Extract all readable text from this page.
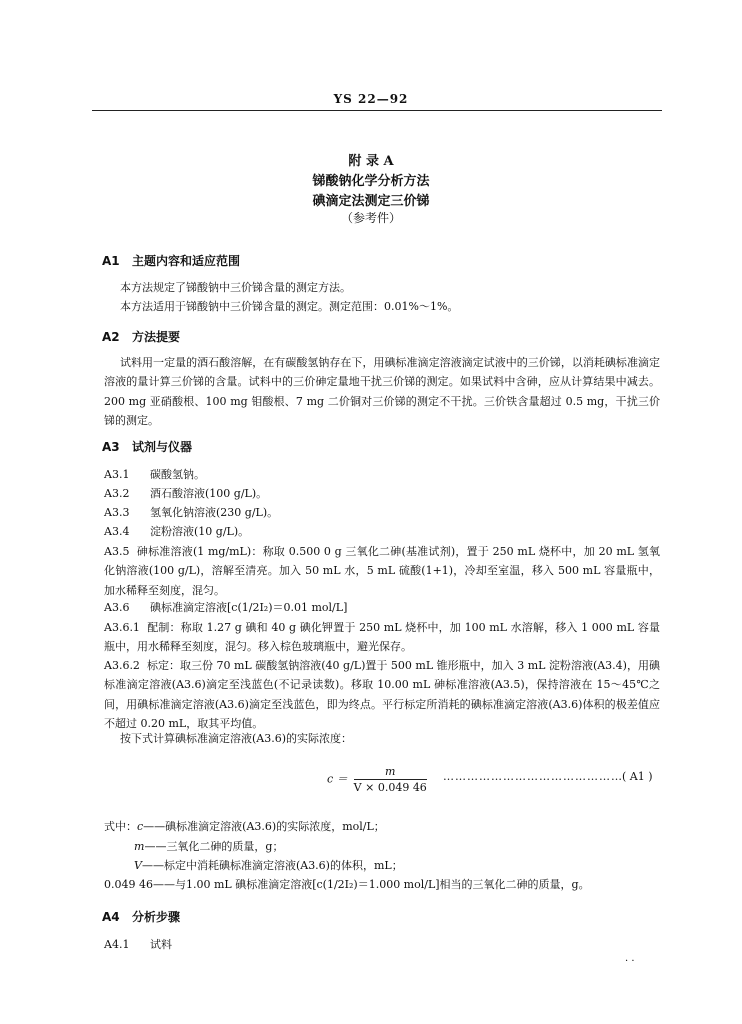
YS 22—92
附 录 A
锑酸钠化学分析方法
碘滴定法测定三价锑
（参考件）
A1 主题内容和适应范围
本方法规定了锑酸钠中三价锑含量的测定方法。
本方法适用于锑酸钠中三价锑含量的测定。测定范围：0.01%～1%。
A2 方法提要
试料用一定量的酒石酸溶解，在有碳酸氢钠存在下，用碘标准滴定溶液滴定试液中的三价锑，以消耗碘标准滴定溶液的量计算三价锑的含量。试料中的三价砷定量地干扰三价锑的测定。如果试料中含砷，应从计算结果中减去。200 mg 亚硝酸根、100 mg 钼酸根、7 mg 二价铜对三价锑的测定不干扰。三价铁含量超过 0.5 mg，干扰三价锑的测定。
A3 试剂与仪器
A3.1 碳酸氢钠。
A3.2 酒石酸溶液(100 g/L)。
A3.3 氢氧化钠溶液(230 g/L)。
A3.4 淀粉溶液(10 g/L)。
A3.5 砷标准溶液(1 mg/mL)：称取 0.500 0 g 三氧化二砷(基准试剂)，置于 250 mL 烧杯中，加 20 mL 氢氧化钠溶液(100 g/L)，溶解至清亮。加入 50 mL 水，5 mL 硫酸(1+1)，冷却至室温，移入 500 mL 容量瓶中，加水稀释至刻度，混匀。
A3.6 碘标准滴定溶液[c(1/2I₂)＝0.01 mol/L]
A3.6.1 配制：称取 1.27 g 碘和 40 g 碘化钾置于 250 mL 烧杯中，加 100 mL 水溶解，移入 1 000 mL 容量瓶中，用水稀释至刻度，混匀。移入棕色玻璃瓶中，避光保存。
A3.6.2 标定：取三份 70 mL 碳酸氢钠溶液(40 g/L)置于 500 mL 锥形瓶中，加入 3 mL 淀粉溶液(A3.4)，用碘标准滴定溶液(A3.6)滴定至浅蓝色(不记录读数)。移取 10.00 mL 砷标准溶液(A3.5)，保持溶液在 15～45℃之间，用碘标准滴定溶液(A3.6)滴定至浅蓝色，即为终点。平行标定所消耗的碘标准滴定溶液(A3.6)体积的极差值应不超过 0.20 mL，取其平均值。
按下式计算碘标准滴定溶液(A3.6)的实际浓度：
$c = \frac{m}{V \times 0.049 46}$ ……………………………………… ( A1 )
式中：c——碘标准滴定溶液(A3.6)的实际浓度，mol/L；
m——三氧化二砷的质量，g；
V——标定中消耗碘标准滴定溶液(A3.6)的体积，mL；
0.049 46——与1.00 mL 碘标准滴定溶液[c(1/2I₂)＝1.000 mol/L]相当的三氧化二砷的质量，g。
A4 分析步骤
A4.1 试料
· ·
